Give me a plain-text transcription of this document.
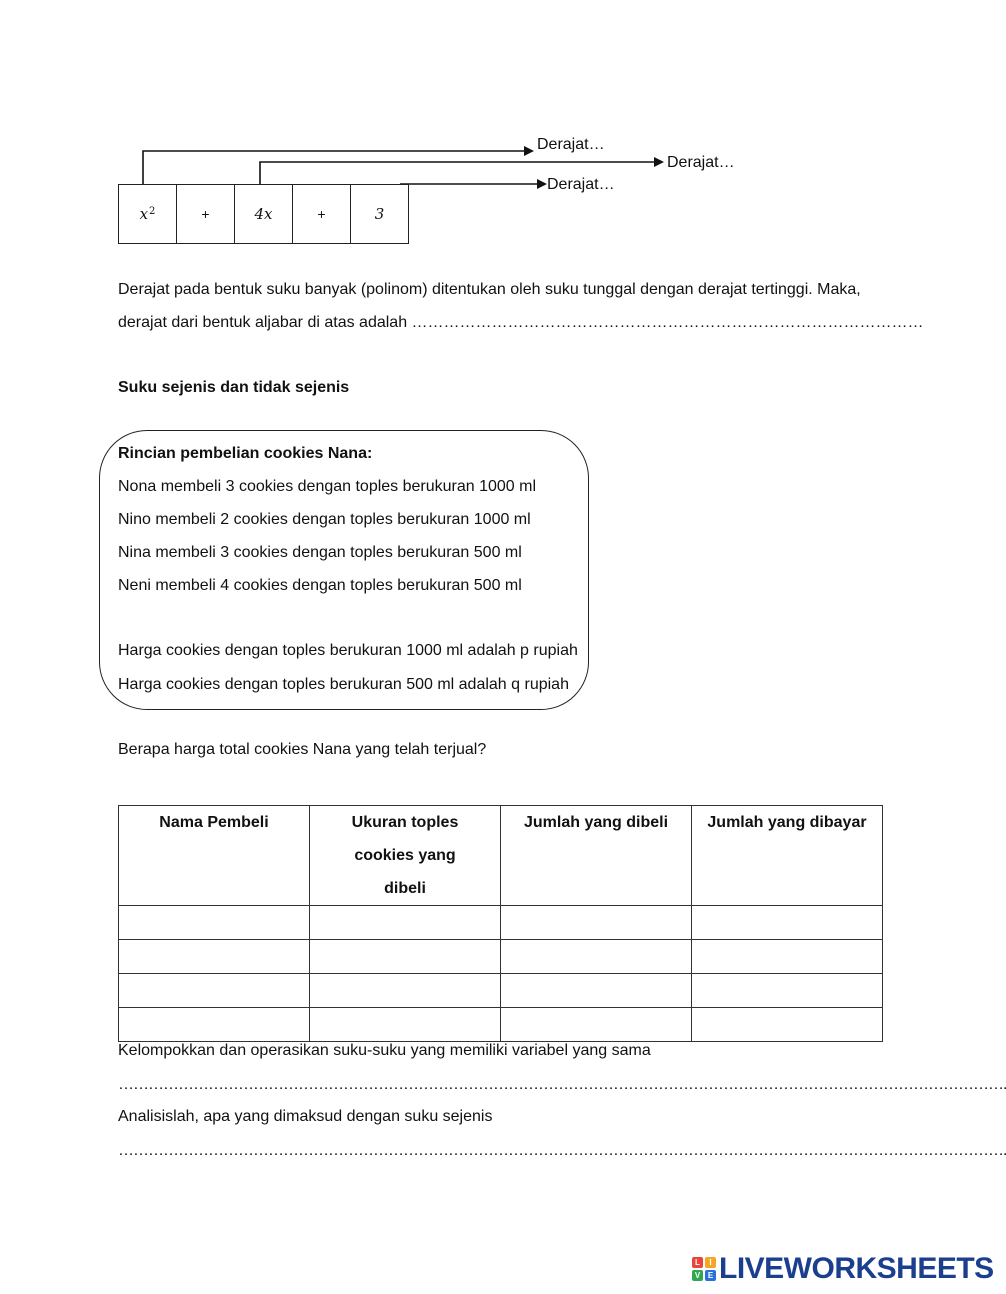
Derajat…
Derajat…
Derajat…
$x^2$	+	4x	+	3
Derajat pada bentuk suku banyak (polinom) ditentukan oleh suku tunggal dengan derajat tertinggi. Maka,
derajat dari bentuk aljabar di atas adalah ……………………………………………………………………………………
Suku sejenis dan tidak sejenis
Rincian pembelian cookies Nana:
Nona membeli 3 cookies dengan toples berukuran 1000 ml
Nino membeli 2 cookies dengan toples berukuran 1000 ml
Nina membeli 3 cookies dengan toples berukuran 500 ml
Neni membeli 4 cookies dengan toples berukuran 500 ml
Harga cookies dengan toples berukuran 1000 ml adalah p rupiah
Harga cookies dengan toples berukuran 500 ml adalah q rupiah
Berapa harga total cookies Nana yang telah terjual?
Nama Pembeli	Ukuran toples cookies yang dibeli	Jumlah yang dibeli	Jumlah yang dibayar

Kelompokkan dan operasikan suku-suku yang memiliki variabel yang sama
…………………………………………………………………………………………………………………………………………………………….
Analisislah, apa yang dimaksud dengan suku sejenis
…………………………………………………………………………………………………………………………………………………………….
L	I
V E LIVEWORKSHEETS
